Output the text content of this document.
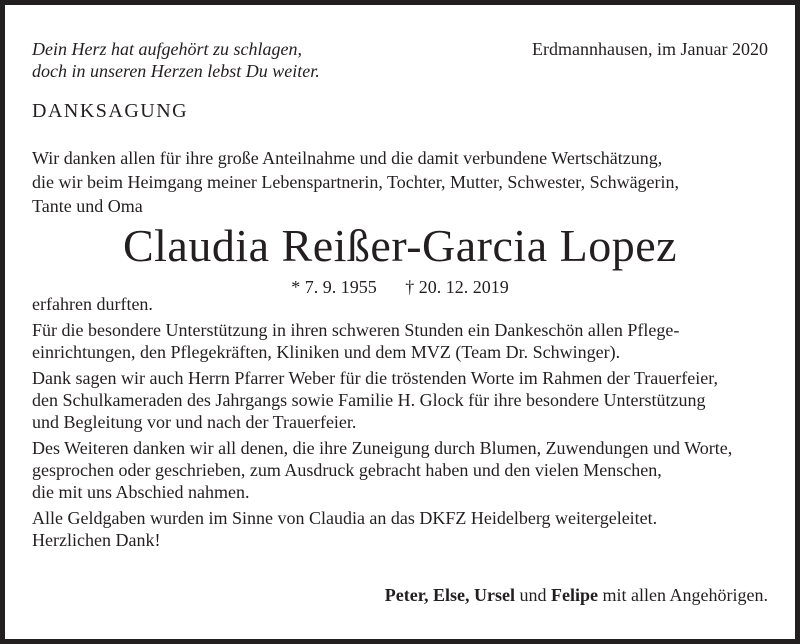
Dein Herz hat aufgehört zu schlagen,
doch in unseren Herzen lebst Du weiter.
Erdmannhausen, im Januar 2020
DANKSAGUNG
Wir danken allen für ihre große Anteilnahme und die damit verbundene Wertschätzung,
die wir beim Heimgang meiner Lebenspartnerin, Tochter, Mutter, Schwester, Schwägerin,
Tante und Oma
Claudia Reißer-Garcia Lopez
* 7. 9. 1955 † 20. 12. 2019
erfahren durften.
Für die besondere Unterstützung in ihren schweren Stunden ein Dankeschön allen Pflege-
einrichtungen, den Pflegekräften, Kliniken und dem MVZ (Team Dr. Schwinger).
Dank sagen wir auch Herrn Pfarrer Weber für die tröstenden Worte im Rahmen der Trauerfeier,
den Schulkameraden des Jahrgangs sowie Familie H. Glock für ihre besondere Unterstützung
und Begleitung vor und nach der Trauerfeier.
Des Weiteren danken wir all denen, die ihre Zuneigung durch Blumen, Zuwendungen und Worte,
gesprochen oder geschrieben, zum Ausdruck gebracht haben und den vielen Menschen,
die mit uns Abschied nahmen.
Alle Geldgaben wurden im Sinne von Claudia an das DKFZ Heidelberg weitergeleitet.
Herzlichen Dank!
Peter, Else, Ursel und Felipe mit allen Angehörigen.
